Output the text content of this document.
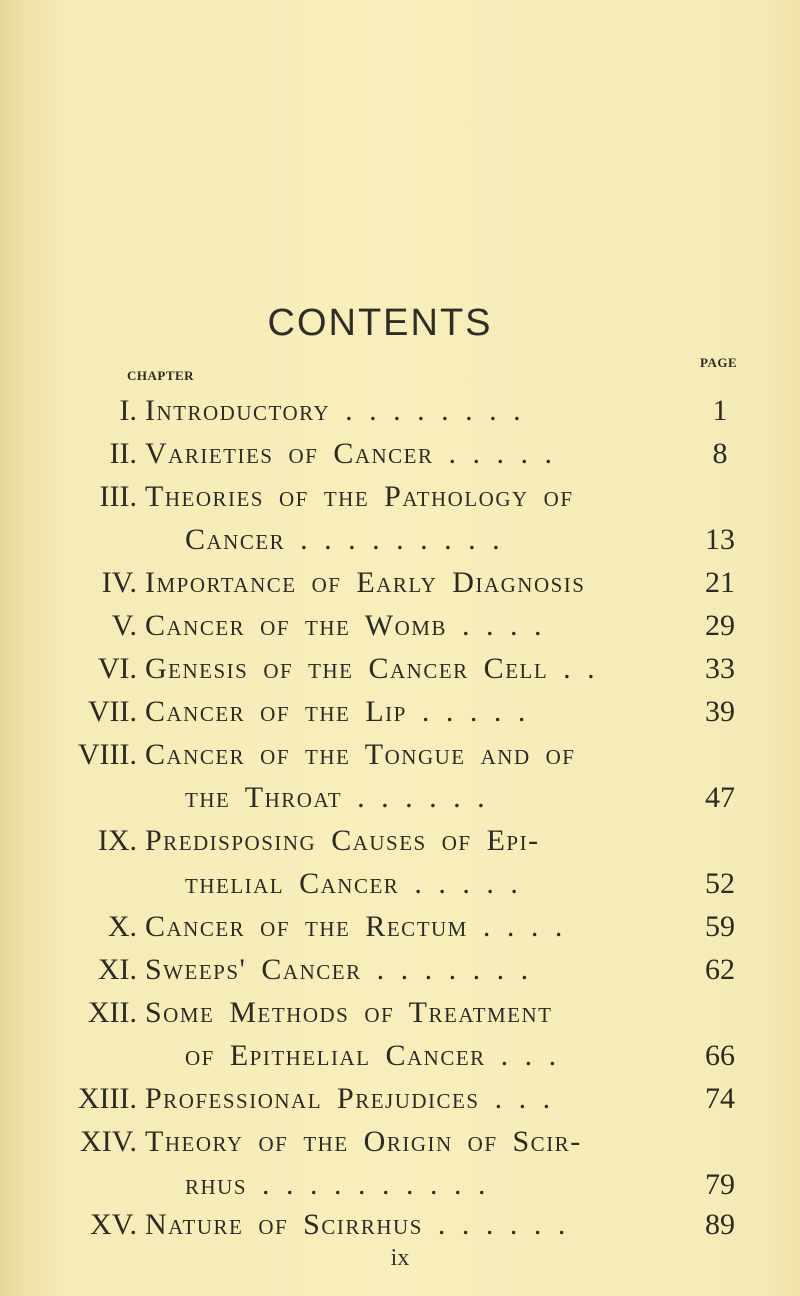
CONTENTS
CHAPTER
PAGE
I. Introductory . . . . . . . .	1
II. Varieties of Cancer . . . . .	8
III. Theories of the Pathology of
Cancer . . . . . . . . .	13
IV. Importance of Early Diagnosis	21
V. Cancer of the Womb . . . .	29
VI. Genesis of the Cancer Cell . .	33
VII. Cancer of the Lip . . . . .	39
VIII. Cancer of the Tongue and of
the Throat . . . . . .	47
IX. Predisposing Causes of Epi-
thelial Cancer . . . . .	52
X. Cancer of the Rectum . . . .	59
XI. Sweeps' Cancer . . . . . . .	62
XII. Some Methods of Treatment
of Epithelial Cancer . . .	66
XIII. Professional Prejudices . . .	74
XIV. Theory of the Origin of Scir-
rhus . . . . . . . . . .	79
XV. Nature of Scirrhus . . . . . .	89
ix
